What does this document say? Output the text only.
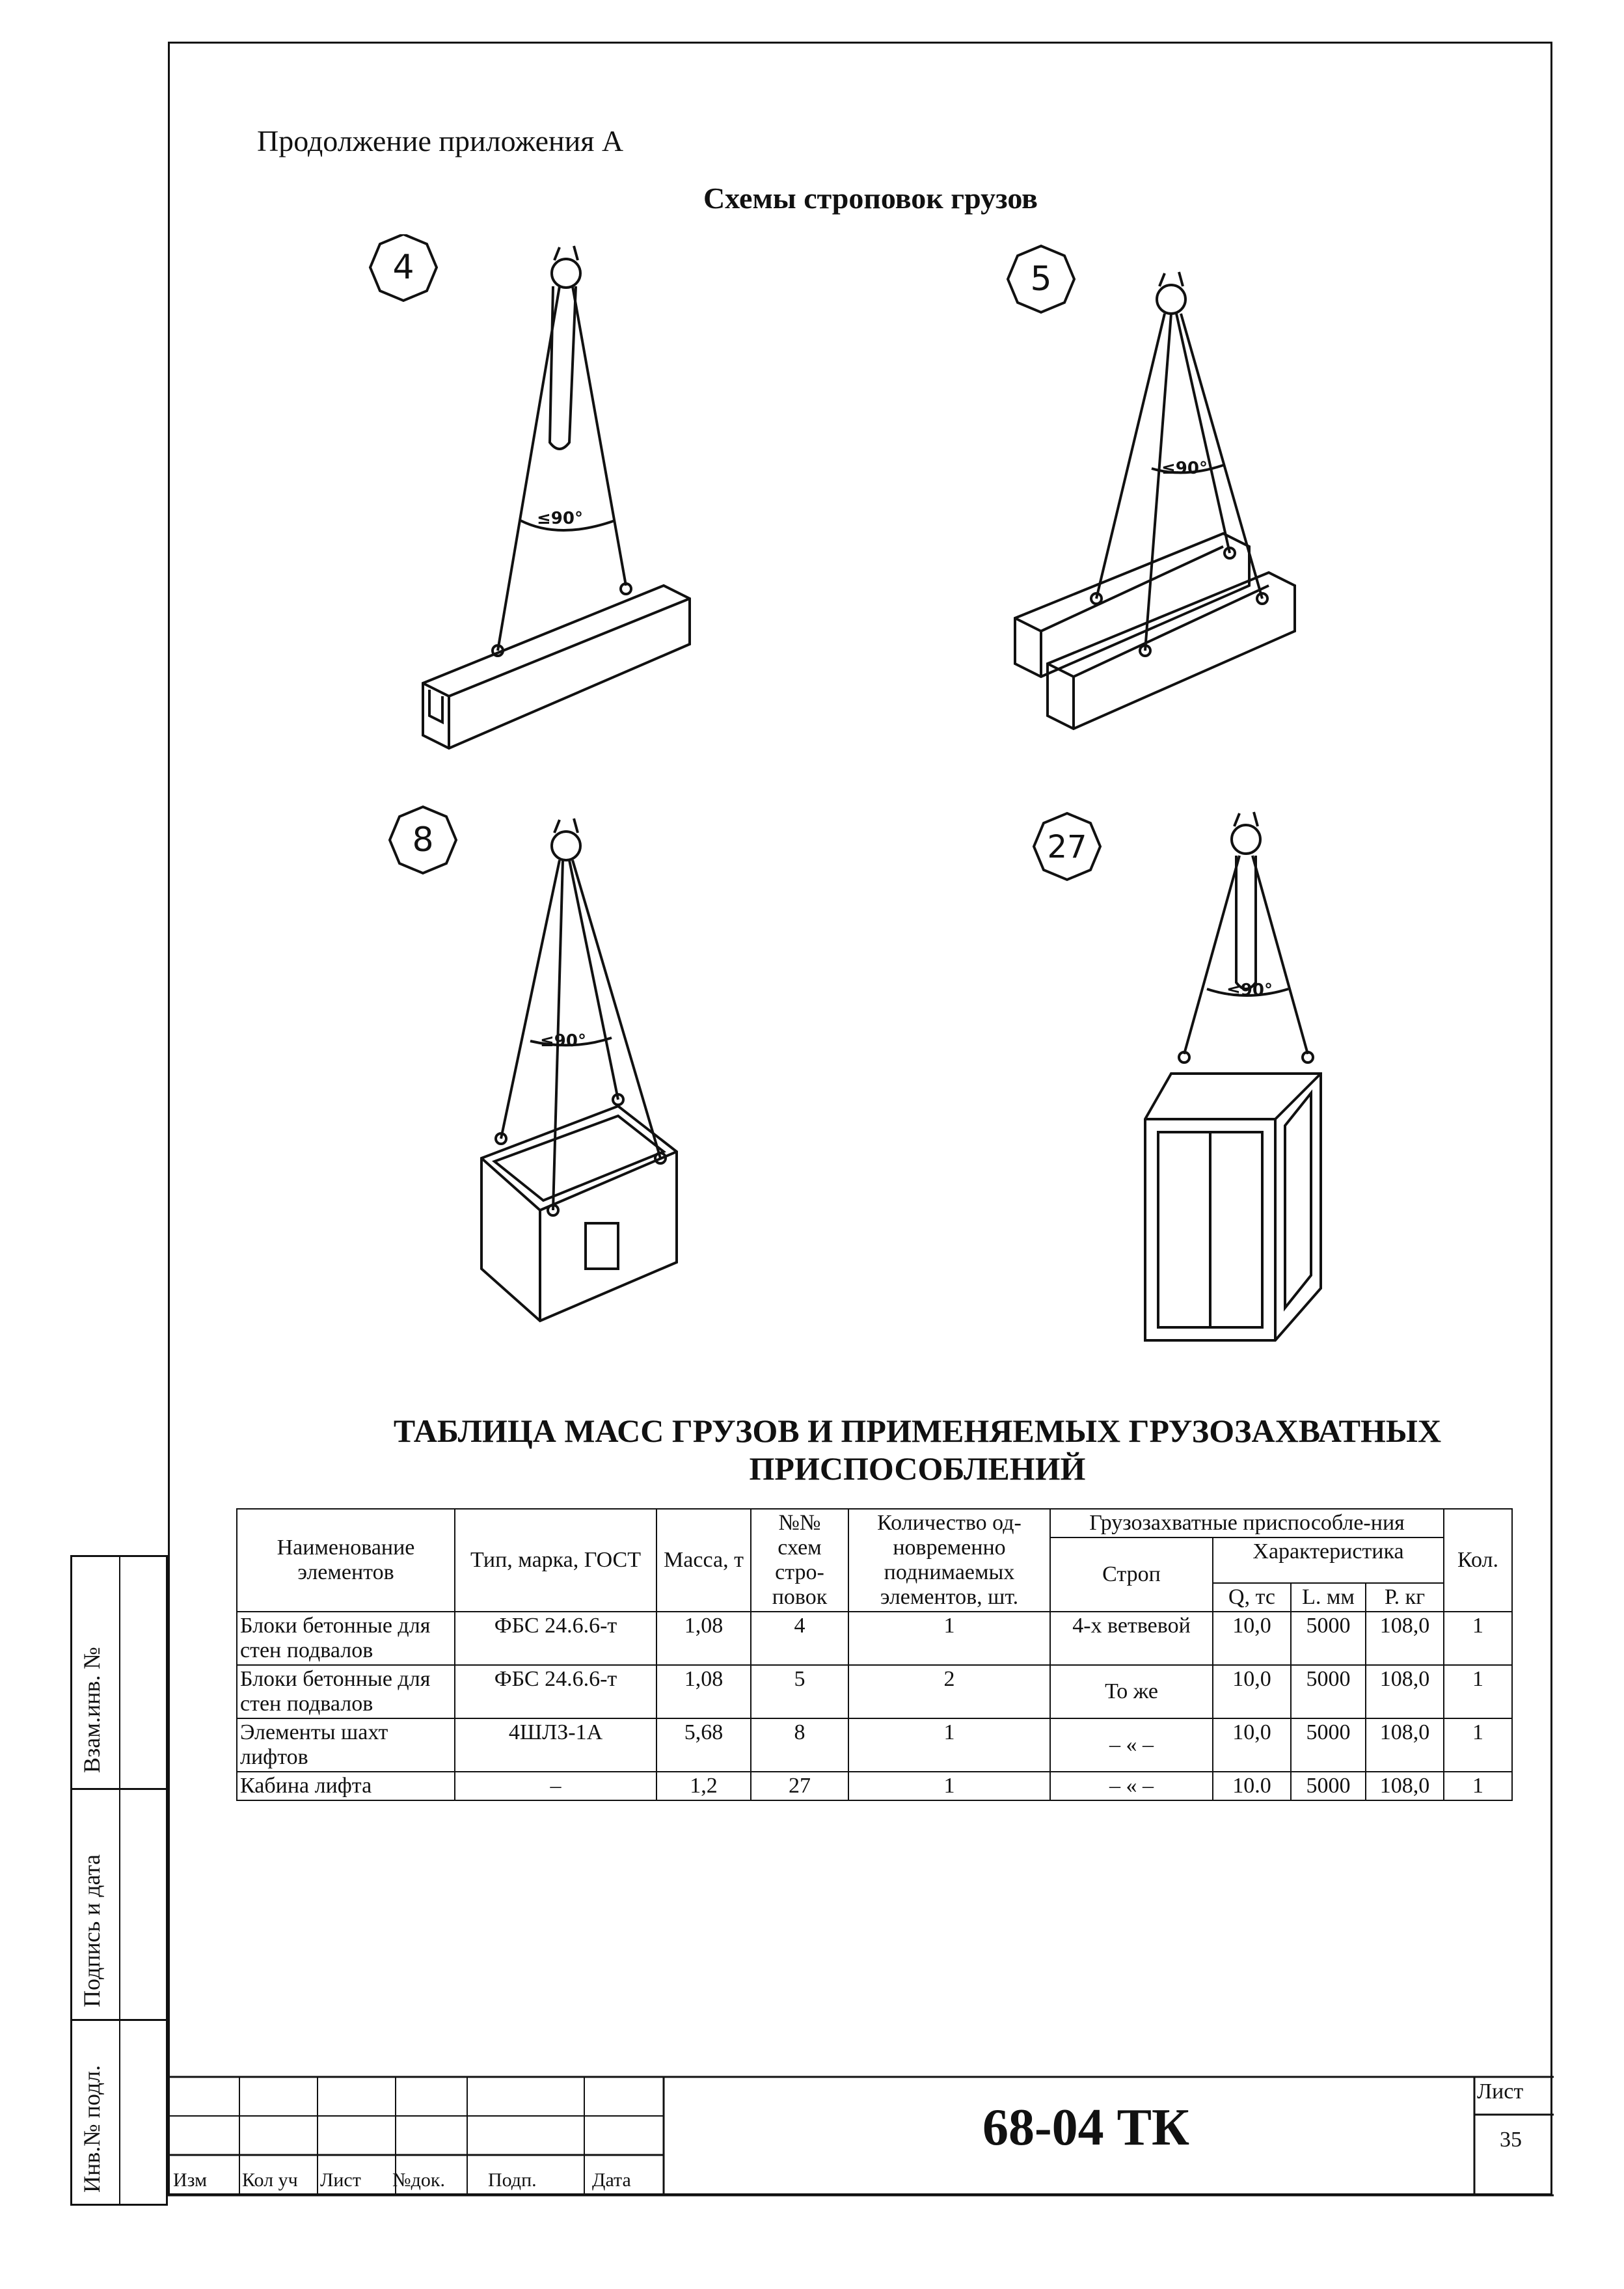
Продолжение приложения А
Схемы строповок грузов
4
≤90°
5
≤90°
8
≤90°
27
≤90°
ТАБЛИЦА МАСС ГРУЗОВ И ПРИМЕНЯЕМЫХ ГРУЗОЗАХВАТНЫХ
ПРИСПОСОБЛЕНИЙ
Наименование элементов	Тип, марка, ГОСТ	Масса, т	№№ схем стро-повок	Количество од-новременно поднимаемых элементов, шт.	Грузозахватные приспособле-ния				Кол.
					Строп	Характеристика			
						Q, тс	L. мм	Р. кг	
Блоки бетонные для стен подвалов	ФБС 24.6.6-т	1,08	4	1	4-х ветвевой	10,0	5000	108,0	1
Блоки бетонные для стен подвалов	ФБС 24.6.6-т	1,08	5	2	То же	10,0	5000	108,0	1
Элементы шахт лифтов	4ШЛЗ-1А	5,68	8	1	– « –	10,0	5000	108,0	1
Кабина лифта	–	1,2	27	1	– « –	10.0	5000	108,0	1
Взам.инв. №
Подпись и дата
Инв.№ подл.	68-04 ТК
Лист
35
Изм Кол уч Лист №док. Подп.	Дата
